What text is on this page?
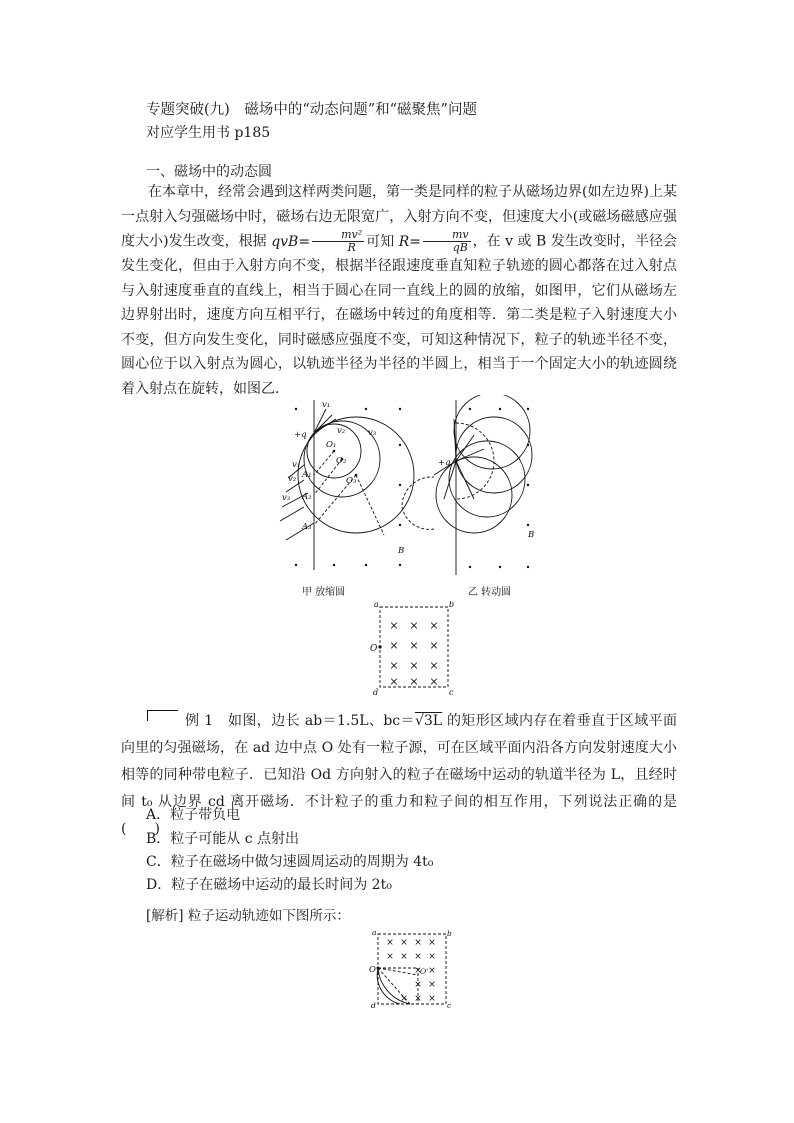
专题突破(九)　磁场中的“动态问题”和“磁聚焦”问题
对应学生用书 p185
一、磁场中的动态圆

在本章中，经常会遇到这样两类问题，第一类是同样的粒子从磁场边界(如左边界)上某一点射入匀强磁场中时，磁场右边无限宽广，入射方向不变，但速度大小(或磁场磁感应强度大小)发生改变，根据 $qvB= \frac{\text{mv²}}{R}$ 可知 $R= \frac{mv}{qB}$ ，在 v 或 B 发生改变时，半径会发生变化，但由于入射方向不变，根据半径跟速度垂直知粒子轨迹的圆心都落在过入射点与入射速度垂直的直线上，相当于圆心在同一直线上的圆的放缩，如图甲，它们从磁场左边界射出时，速度方向互相平行，在磁场中转过的角度相等．第二类是粒子入射速度大小不变，但方向发生变化，同时磁感应强度不变，可知这种情况下，粒子的轨迹半径不变，圆心位于以入射点为圆心，以轨迹半径为半径的半圆上，相当于一个固定大小的轨迹圆绕着入射点在旋转，如图乙．

+q
v₁
v₂	v₃
v₁
v₂
v₃
O₁
O₂
O₃
A₁
A₂
A₃
B
+q
B
甲 放缩圆	乙 转动圆
× × ×
× × ×
× × ×
× × ×
a	b
c
d
O

例 1　如图，边长 ab＝1.5L、bc＝√3L 的矩形区域内存在着垂直于区域平面向里的匀强磁场，在 ad 边中点 O 处有一粒子源，可在区域平面内沿各方向发射速度大小相等的同种带电粒子．已知沿 Od 方向射入的粒子在磁场中运动的轨道半径为 L，且经时间 t₀ 从边界 cd 离开磁场．不计粒子的重力和粒子间的相互作用，下列说法正确的是(　　)

A．粒子带负电
B．粒子可能从 c 点射出
C．粒子在磁场中做匀速圆周运动的周期为 4t₀
D．粒子在磁场中运动的最长时间为 2t₀
[解析] 粒子运动轨迹如下图所示：
× × × ×
× × × ×
× ×
× ×
× × ×
a	b
c
d
O	O'
